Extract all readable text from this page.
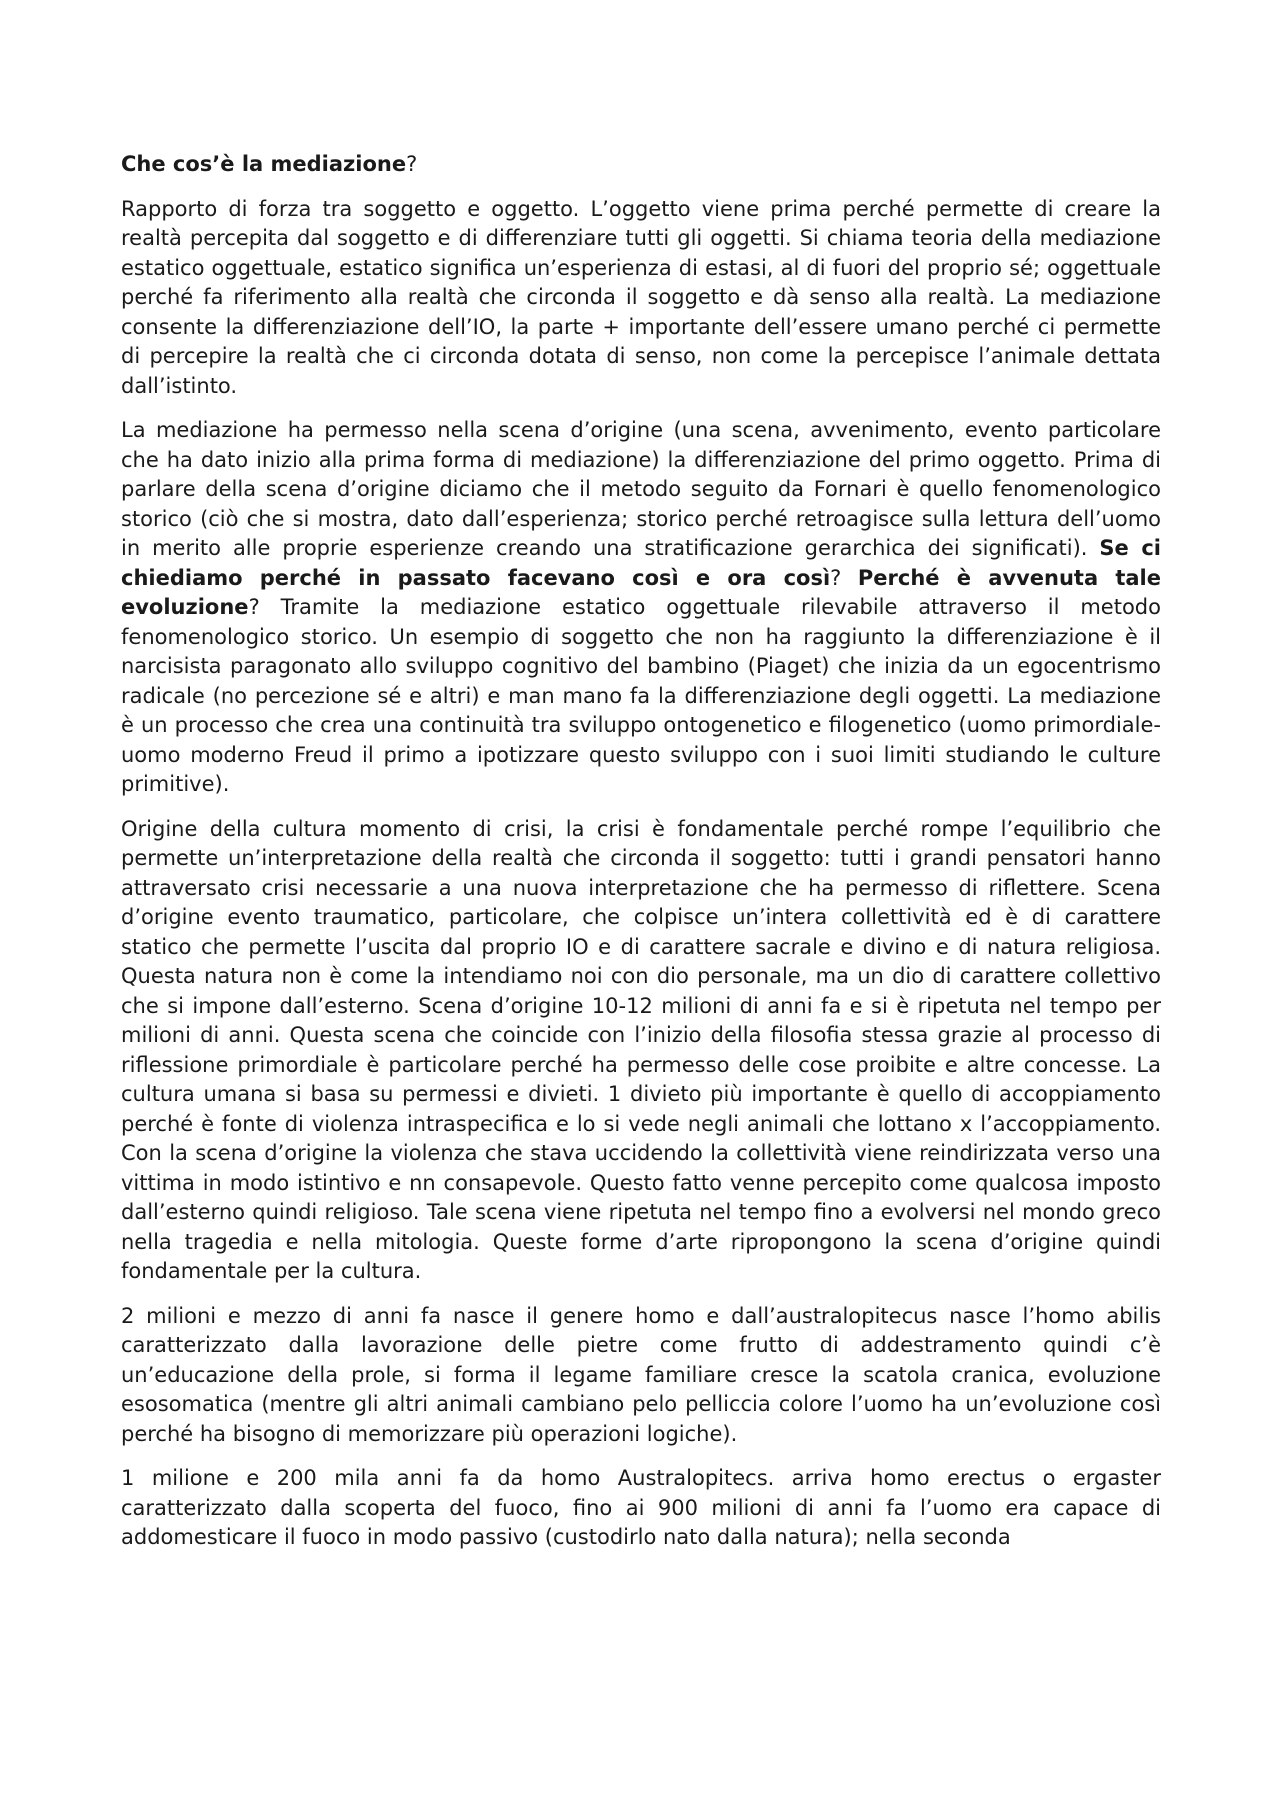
Che cos’è la mediazione?

Rapporto di forza tra soggetto e oggetto. L’oggetto viene prima perché permette di creare la realtà percepita dal soggetto e di differenziare tutti gli oggetti. Si chiama teoria della mediazione estatico oggettuale, estatico significa un’esperienza di estasi, al di fuori del proprio sé; oggettuale perché fa riferimento alla realtà che circonda il soggetto e dà senso alla realtà. La mediazione consente la differenziazione dell’IO, la parte + importante dell’essere umano perché ci permette di percepire la realtà che ci circonda dotata di senso, non come la percepisce l’animale dettata dall’istinto.

La mediazione ha permesso nella scena d’origine (una scena, avvenimento, evento particolare che ha dato inizio alla prima forma di mediazione) la differenziazione del primo oggetto. Prima di parlare della scena d’origine diciamo che il metodo seguito da Fornari è quello fenomenologico storico (ciò che si mostra, dato dall’esperienza; storico perché retroagisce sulla lettura dell’uomo in merito alle proprie esperienze creando una stratificazione gerarchica dei significati). Se ci chiediamo perché in passato facevano così e ora così? Perché è avvenuta tale evoluzione? Tramite la mediazione estatico oggettuale rilevabile attraverso il metodo fenomenologico storico. Un esempio di soggetto che non ha raggiunto la differenziazione è il narcisista paragonato allo sviluppo cognitivo del bambino (Piaget) che inizia da un egocentrismo radicale (no percezione sé e altri) e man mano fa la differenziazione degli oggetti. La mediazione è un processo che crea una continuità tra sviluppo ontogenetico e filogenetico (uomo primordiale-uomo moderno Freud il primo a ipotizzare questo sviluppo con i suoi limiti studiando le culture primitive).

Origine della cultura momento di crisi, la crisi è fondamentale perché rompe l’equilibrio che permette un’interpretazione della realtà che circonda il soggetto: tutti i grandi pensatori hanno attraversato crisi necessarie a una nuova interpretazione che ha permesso di riflettere. Scena d’origine evento traumatico, particolare, che colpisce un’intera collettività ed è di carattere statico che permette l’uscita dal proprio IO e di carattere sacrale e divino e di natura religiosa. Questa natura non è come la intendiamo noi con dio personale, ma un dio di carattere collettivo che si impone dall’esterno. Scena d’origine 10-12 milioni di anni fa e si è ripetuta nel tempo per milioni di anni. Questa scena che coincide con l’inizio della filosofia stessa grazie al processo di riflessione primordiale è particolare perché ha permesso delle cose proibite e altre concesse. La cultura umana si basa su permessi e divieti. 1 divieto più importante è quello di accoppiamento perché è fonte di violenza intraspecifica e lo si vede negli animali che lottano x l’accoppiamento. Con la scena d’origine la violenza che stava uccidendo la collettività viene reindirizzata verso una vittima in modo istintivo e nn consapevole. Questo fatto venne percepito come qualcosa imposto dall’esterno quindi religioso. Tale scena viene ripetuta nel tempo fino a evolversi nel mondo greco nella tragedia e nella mitologia. Queste forme d’arte ripropongono la scena d’origine quindi fondamentale per la cultura.

2 milioni e mezzo di anni fa nasce il genere homo e dall’australopitecus nasce l’homo abilis caratterizzato dalla lavorazione delle pietre come frutto di addestramento quindi c’è un’educazione della prole, si forma il legame familiare cresce la scatola cranica, evoluzione esosomatica (mentre gli altri animali cambiano pelo pelliccia colore l’uomo ha un’evoluzione così perché ha bisogno di memorizzare più operazioni logiche).

1 milione e 200 mila anni fa da homo Australopitecs. arriva homo erectus o ergaster caratterizzato dalla scoperta del fuoco, fino ai 900 milioni di anni fa l’uomo era capace di addomesticare il fuoco in modo passivo (custodirlo nato dalla natura); nella seconda
